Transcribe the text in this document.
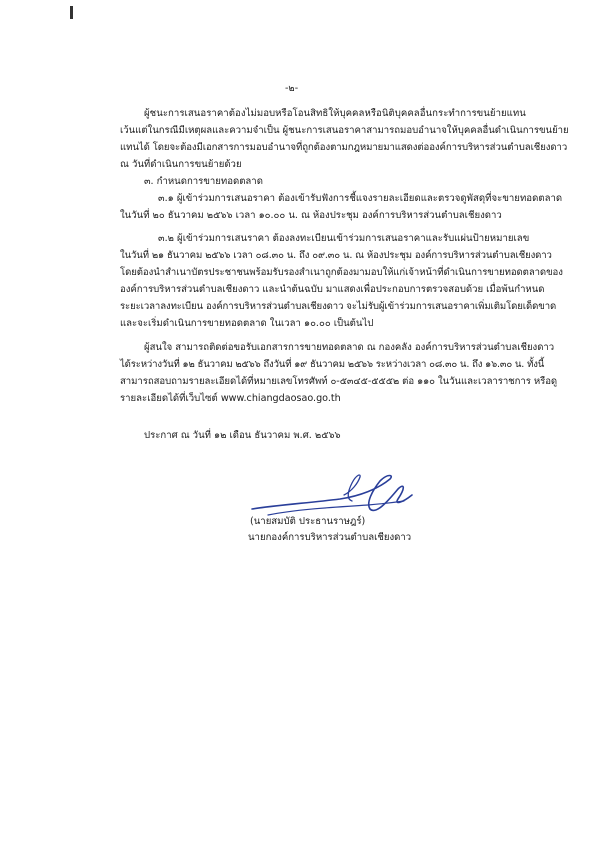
-๒-
ผู้ชนะการเสนอราคาต้องไม่มอบหรือโอนสิทธิให้บุคคลหรือนิติบุคคลอื่นกระทำการขนย้ายแทน
เว้นแต่ในกรณีมีเหตุผลและความจำเป็น ผู้ชนะการเสนอราคาสามารถมอบอำนาจให้บุคคลอื่นดำเนินการขนย้าย
แทนได้ โดยจะต้องมีเอกสารการมอบอำนาจที่ถูกต้องตามกฎหมายมาแสดงต่อองค์การบริหารส่วนตำบลเชียงดาว
ณ วันที่ดำเนินการขนย้ายด้วย
๓. กำหนดการขายทอดตลาด
๓.๑ ผู้เข้าร่วมการเสนอราคา ต้องเข้ารับฟังการชี้แจงรายละเอียดและตรวจดูพัสดุที่จะขายทอดตลาด
ในวันที่ ๒๐ ธันวาคม ๒๕๖๖ เวลา ๑๐.๐๐ น. ณ ห้องประชุม องค์การบริหารส่วนตำบลเชียงดาว
๓.๒ ผู้เข้าร่วมการเสนราคา ต้องลงทะเบียนเข้าร่วมการเสนอราคาและรับแผ่นป้ายหมายเลข
ในวันที่ ๒๑ ธันวาคม ๒๕๖๖ เวลา ๐๘.๓๐ น. ถึง ๐๙.๓๐ น. ณ ห้องประชุม องค์การบริหารส่วนตำบลเชียงดาว
โดยต้องนำสำเนาบัตรประชาชนพร้อมรับรองสำเนาถูกต้องมามอบให้แก่เจ้าหน้าที่ดำเนินการขายทอดตลาดของ
องค์การบริหารส่วนตำบลเชียงดาว และนำต้นฉบับ มาแสดงเพื่อประกอบการตรวจสอบด้วย เมื่อพ้นกำหนด
ระยะเวลาลงทะเบียน องค์การบริหารส่วนตำบลเชียงดาว จะไม่รับผู้เข้าร่วมการเสนอราคาเพิ่มเติมโดยเด็ดขาด
และจะเริ่มดำเนินการขายทอดตลาด ในเวลา ๑๐.๐๐ เป็นต้นไป
ผู้สนใจ สามารถติดต่อขอรับเอกสารการขายทอดตลาด ณ กองคลัง องค์การบริหารส่วนตำบลเชียงดาว
ได้ระหว่างวันที่ ๑๒ ธันวาคม ๒๕๖๖ ถึงวันที่ ๑๙ ธันวาคม ๒๕๖๖ ระหว่างเวลา ๐๘.๓๐ น. ถึง ๑๖.๓๐ น. ทั้งนี้
สามารถสอบถามรายละเอียดได้ที่หมายเลขโทรศัพท์ ๐-๕๓๔๕-๕๕๕๒ ต่อ ๑๑๐ ในวันและเวลาราชการ หรือดู
รายละเอียดได้ที่เว็บไซต์ www.chiangdaosao.go.th
ประกาศ ณ วันที่ ๑๒ เดือน ธันวาคม พ.ศ. ๒๕๖๖
(นายสมบัติ ประธานราษฎร์)
นายกองค์การบริหารส่วนตำบลเชียงดาว
